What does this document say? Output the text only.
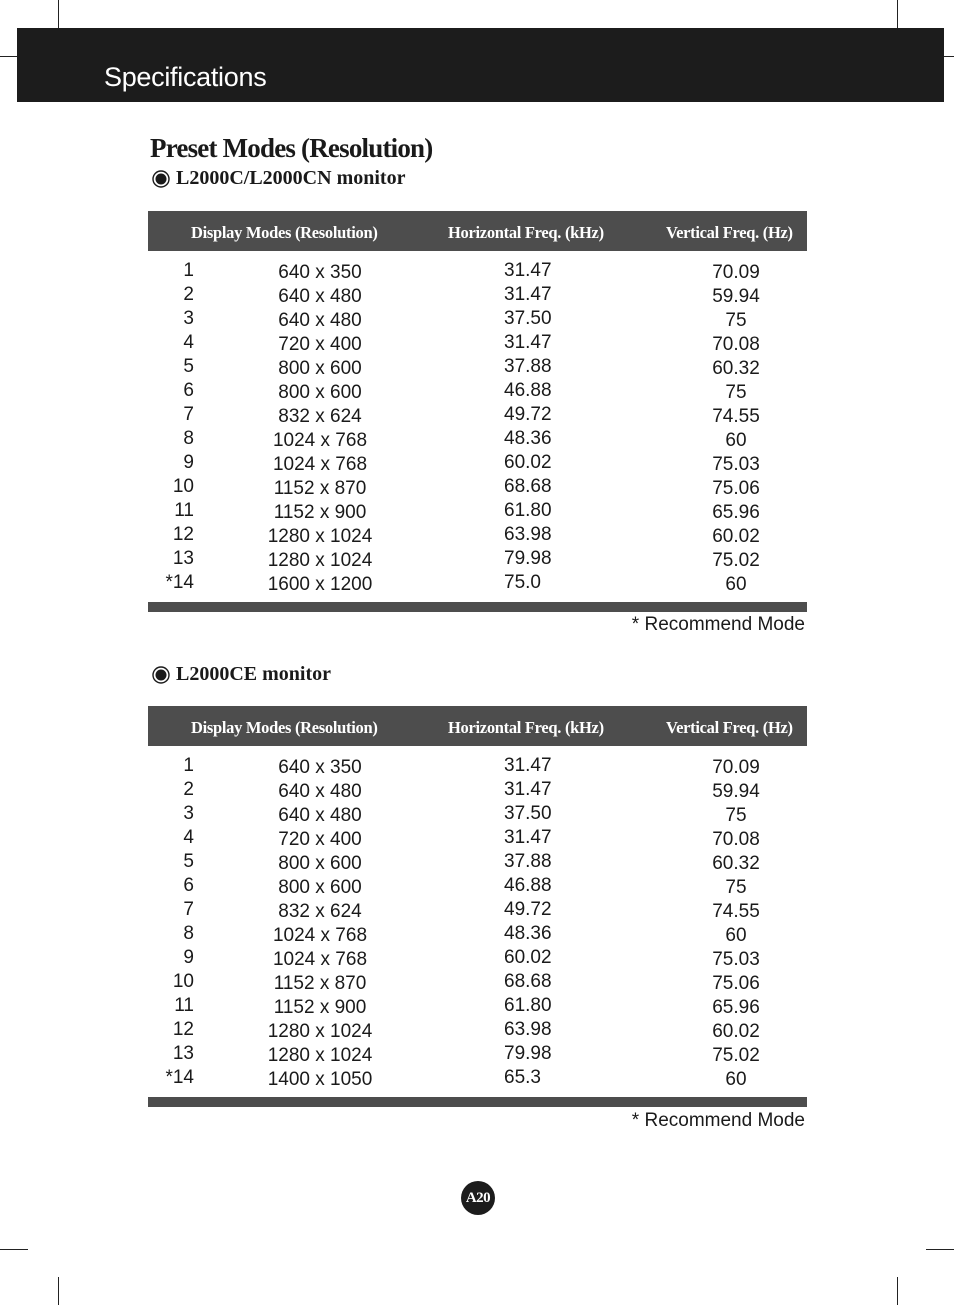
Specifications
Preset Modes (Resolution)
L2000C/L2000CN monitor
Display Modes (Resolution)	Horizontal Freq. (kHz)	Vertical Freq. (Hz)
1	640 x 350	31.47	70.09
2	640 x 480	31.47	59.94
3	640 x 480	37.50	75
4	720 x 400	31.47	70.08
5	800 x 600	37.88	60.32
6	800 x 600	46.88	75
7	832 x 624	49.72	74.55
8	1024 x 768	48.36	60
9	1024 x 768	60.02	75.03
10	1152 x 870	68.68	75.06
11	1152 x 900	61.80	65.96
12	1280 x 1024	63.98	60.02
13	1280 x 1024	79.98	75.02
*14	1600 x 1200	75.0	60
* Recommend Mode
L2000CE monitor
Display Modes (Resolution)	Horizontal Freq. (kHz)	Vertical Freq. (Hz)
1	640 x 350	31.47	70.09
2	640 x 480	31.47	59.94
3	640 x 480	37.50	75
4	720 x 400	31.47	70.08
5	800 x 600	37.88	60.32
6	800 x 600	46.88	75
7	832 x 624	49.72	74.55
8	1024 x 768	48.36	60
9	1024 x 768	60.02	75.03
10	1152 x 870	68.68	75.06
11	1152 x 900	61.80	65.96
12	1280 x 1024	63.98	60.02
13	1280 x 1024	79.98	75.02
*14	1400 x 1050	65.3	60
* Recommend Mode
A20
